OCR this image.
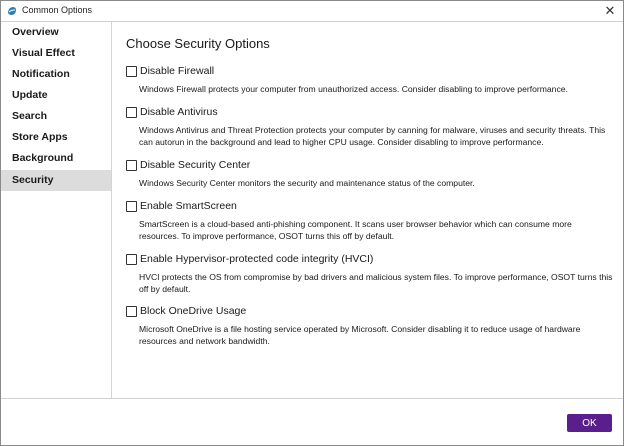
Common Options	✕
Overview
Visual Effect
Notification
Update
Search
Store Apps
Background
Security
Choose Security Options
Disable Firewall
Windows Firewall protects your computer from unauthorized access. Consider disabling to improve performance.
Disable Antivirus
Windows Antivirus and Threat Protection protects your computer by canning for malware, viruses and security threats. This can autorun in the background and lead to higher CPU usage. Consider disabling to improve performance.
Disable Security Center
Windows Security Center monitors the security and maintenance status of the computer.
Enable SmartScreen
SmartScreen is a cloud-based anti-phishing component. It scans user browser behavior which can consume more resources. To improve performance, OSOT turns this off by default.
Enable Hypervisor-protected code integrity (HVCI)
HVCI protects the OS from compromise by bad drivers and malicious system files. To improve performance, OSOT turns this off by default.
Block OneDrive Usage
Microsoft OneDrive is a file hosting service operated by Microsoft. Consider disabling it to reduce usage of hardware resources and network bandwidth.
OK
